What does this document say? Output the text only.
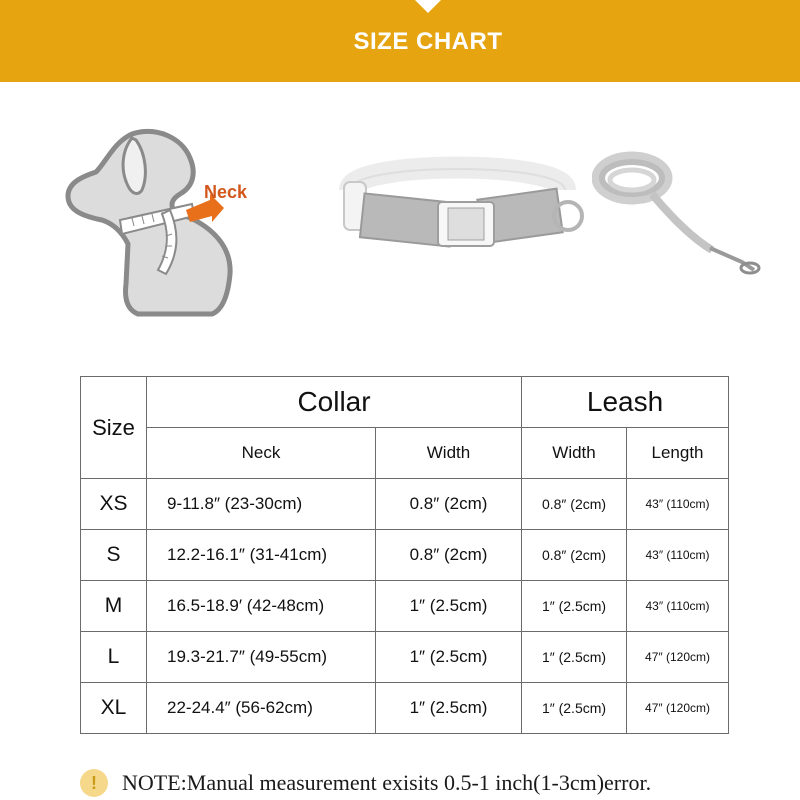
SIZE CHART
Neck
Size	Collar		Leash	
	Neck	Width	Width	Length
XS	9-11.8″ (23-30cm)	0.8″ (2cm)	0.8″ (2cm)	43″ (110cm)
S	12.2-16.1″ (31-41cm)	0.8″ (2cm)	0.8″ (2cm)	43″ (110cm)
M	16.5-18.9′ (42-48cm)	1″ (2.5cm)	1″ (2.5cm)	43″ (110cm)
L	19.3-21.7″ (49-55cm)	1″ (2.5cm)	1″ (2.5cm)	47″ (120cm)
XL	22-24.4″ (56-62cm)	1″ (2.5cm)	1″ (2.5cm)	47″ (120cm)
!	NOTE:Manual measurement exisits 0.5-1 inch(1-3cm)error.
